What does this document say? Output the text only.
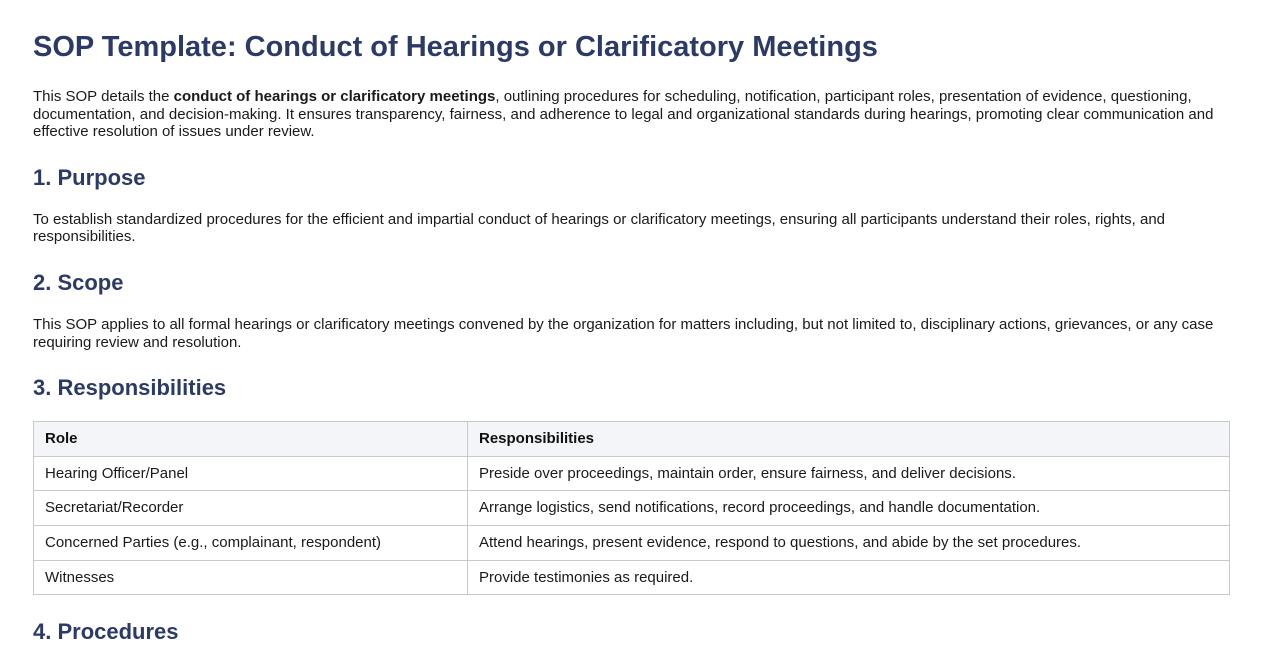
SOP Template: Conduct of Hearings or Clarificatory Meetings

This SOP details the conduct of hearings or clarificatory meetings, outlining procedures for scheduling, notification, participant roles, presentation of evidence, questioning, documentation, and decision-making. It ensures transparency, fairness, and adherence to legal and organizational standards during hearings, promoting clear communication and effective resolution of issues under review.

1. Purpose

To establish standardized procedures for the efficient and impartial conduct of hearings or clarificatory meetings, ensuring all participants understand their roles, rights, and responsibilities.

2. Scope

This SOP applies to all formal hearings or clarificatory meetings convened by the organization for matters including, but not limited to, disciplinary actions, grievances, or any case requiring review and resolution.

3. Responsibilities
Role	Responsibilities
Hearing Officer/Panel	Preside over proceedings, maintain order, ensure fairness, and deliver decisions.
Secretariat/Recorder	Arrange logistics, send notifications, record proceedings, and handle documentation.
Concerned Parties (e.g., complainant, respondent)	Attend hearings, present evidence, respond to questions, and abide by the set procedures.
Witnesses	Provide testimonies as required.
4. Procedures
